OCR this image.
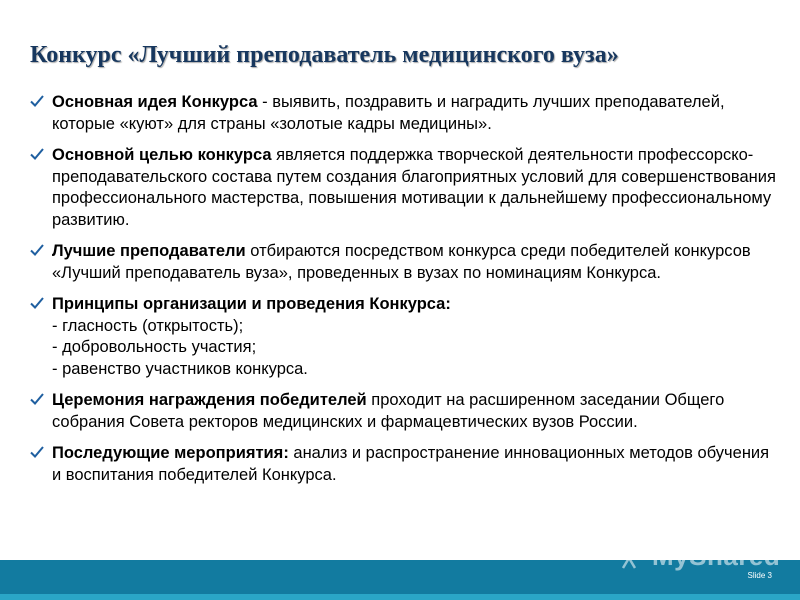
Конкурс «Лучший преподаватель медицинского вуза»
Основная идея Конкурса - выявить, поздравить и наградить лучших преподавателей, которые «куют» для страны «золотые кадры медицины».
Основной целью конкурса является поддержка творческой деятельности профессорско-преподавательского состава путем создания благоприятных условий для совершенствования профессионального мастерства, повышения мотивации к дальнейшему профессиональному развитию.
Лучшие преподаватели отбираются посредством конкурса среди победителей конкурсов «Лучший преподаватель вуза», проведенных в вузах по номинациям Конкурса.
Принципы организации и проведения Конкурса:
- гласность (открытость);
- добровольность участия;
- равенство участников конкурса.
Церемония награждения победителей проходит на расширенном заседании Общего собрания Совета ректоров медицинских и фармацевтических вузов России.
Последующие мероприятия: анализ и распространение инновационных методов обучения и воспитания победителей Конкурса.
MyShared
Slide 3
